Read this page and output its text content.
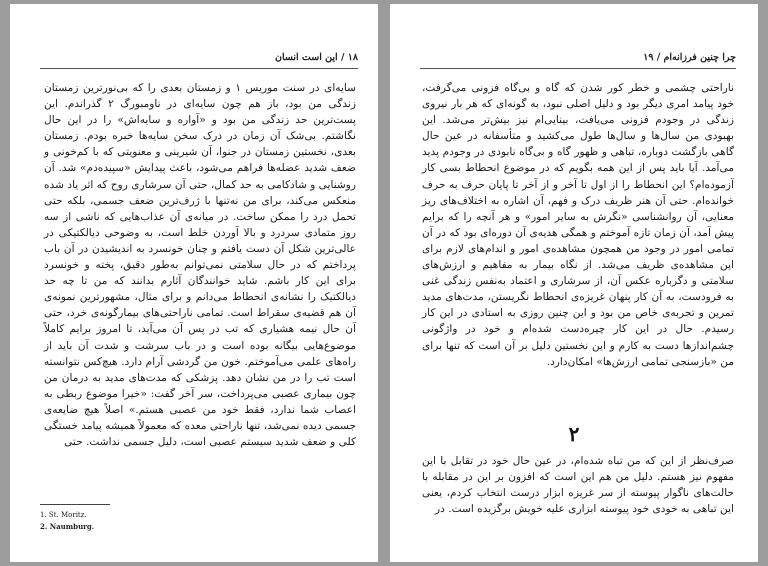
۱۸ / این است انسان

سایه‌ای در سنت موریس ۱ و زمستان بعدی را که بی‌نورترین زمستان زندگی من بود، باز هم چون سایه‌ای در ناومبورگ ۲ گذراندم. این پست‌ترین حد زندگی من بود و «آواره و سایه‌اش» را در این حال نگاشتم. بی‌شک آن زمان در درک سخن سایه‌ها خبره بودم. زمستان بعدی، نخستین زمستان در جنوا، آن شیرینی و معنویتی که با کم‌خونی و ضعف شدید عضله‌ها فراهم می‌شود، باعث پیدایش «سپیده‌دم» شد. آن روشنایی و شادکامی به حد کمال، حتی آن سرشاری روح که اثر یاد شده منعکس می‌کند، برای من نه‌تنها با ژرف‌ترین ضعف جسمی، بلکه حتی تحمل درد را ممکن ساخت. در میانه‌ی آن عذاب‌هایی که ناشی از سه روز متمادی سردرد و بالا آوردن خلط است، به وضوحی دیالکتیکی در عالی‌ترین شکل آن دست یافتم و چنان خونسرد به اندیشیدن در آن باب پرداختم که در حال سلامتی نمی‌توانم به‌طور دقیق، پخته و خونسرد برای این کار باشم. شاید خوانندگان آثارم بدانند که من تا چه حد دیالکتیک را نشانه‌ی انحطاط می‌دانم و برای مثال، مشهورترین نمونه‌ی آن هم قضیه‌ی سقراط است. تمامی ناراحتی‌های بیمارگونه‌ی خرد، حتی آن حال نیمه هشیاری که تب در پس آن می‌آید، تا امروز برایم کاملاً موضوع‌هایی بیگانه بوده است و در باب سرشت و شدت آن باید از راه‌های علمی می‌آموختم. خون من گردشی آرام دارد. هیچ‌کس نتوانسته است تب را در من نشان دهد. پزشکی که مدت‌های مدید به درمان من چون بیماری عصبی می‌پرداخت، سر آخر گفت: «خیرا موضوع ربطی به اعصاب شما ندارد، فقط خود من عصبی هستم.» اصلاً هیچ ضایعه‌ی جسمی دیده نمی‌شد، تنها ناراحتی معده که معمولاً همیشه پیامد خستگی کلی و ضعف شدید سیستم عصبی است، دلیل جسمی نداشت. حتی

1. St. Moritz.
2. Naumburg.
چرا چنین فرزانه‌ام / ۱۹

ناراحتی چشمی و خطر کور شدن که گاه و بی‌گاه فزونی می‌گرفت، خود پیامد امری دیگر بود و دلیل اصلی نبود، به گونه‌ای که هر بار نیروی زندگی در وجودم فزونی می‌یافت، بینایی‌ام نیز بیش‌تر می‌شد. این بهبودی من سال‌ها و سال‌ها طول می‌کشید و متأسفانه در عین حال گاهی بازگشت دوباره، تباهی و ظهور گاه و بی‌گاه نابودی در وجودم پدید می‌آمد. آیا باید پس از این همه بگویم که در موضوع انحطاط بسی کار آزموده‌ام؟ این انحطاط را از اول تا آخر و از آخر تا پایان حرف به حرف خوانده‌ام. حتی آن هنر ظریف درک و فهم، آن اشاره به اختلاف‌های ریز معنایی، آن روانشناسی «نگرش به سایر امور» و هر آنچه را که برایم پیش آمد، آن زمان تازه آموختم و همگی هدیه‌ی آن دوره‌ای بود که در آن تمامی امور در وجود من همچون مشاهده‌ی امور و اندام‌های لازم برای این مشاهده‌ی ظریف می‌شد. از نگاه بیمار به مفاهیم و ارزش‌های سلامتی و دگرباره عکس آن، از سرشاری و اعتماد به‌نفس زندگی غنی به فرودست، به آن کار پنهان غریزه‌ی انحطاط نگریستن، مدت‌های مدید تمرین و تجربه‌ی خاص من بود و این چنین روزی به استادی در این کار رسیدم. حال در این کار چیره‌دست شده‌ام و خود در واژگونی چشم‌اندازها دست به کارم و این نخستین دلیل بر آن است که تنها برای من «بازسنجی تمامی ارزش‌ها» امکان‌دارد.

۲

صرف‌نظر از این که من تباه شده‌ام، در عین حال خود در تقابل با این مفهوم نیز هستم. دلیل من هم این است که افزون بر این در مقابله با حالت‌های ناگوار پیوسته از سر غریزه ابزار درست انتخاب کردم، یعنی این تباهی به خودی خود پیوسته ابزاری علیه خویش برگزیده است. در
